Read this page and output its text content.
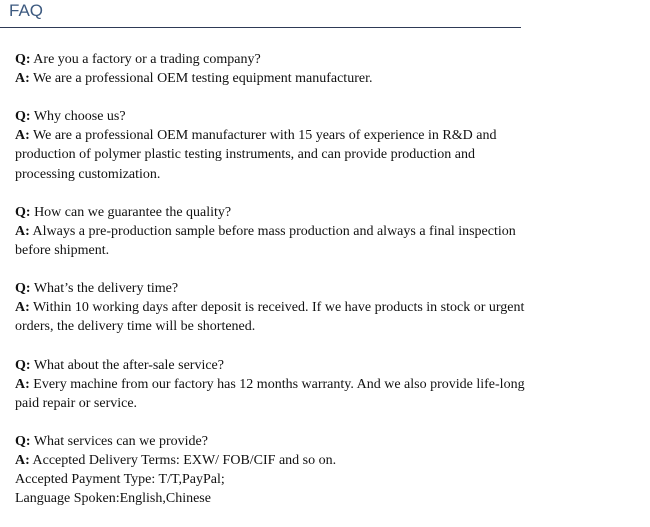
FAQ

Q: Are you a factory or a trading company?

A: We are a professional OEM testing equipment manufacturer.

Q: Why choose us?

A: We are a professional OEM manufacturer with 15 years of experience in R&D and production of polymer plastic testing instruments, and can provide production and processing customization.

Q: How can we guarantee the quality?

A: Always a pre-production sample before mass production and always a final inspection before shipment.

Q: What’s the delivery time?

A: Within 10 working days after deposit is received. If we have products in stock or urgent orders, the delivery time will be shortened.

Q: What about the after-sale service?

A: Every machine from our factory has 12 months warranty. And we also provide life-long paid repair or service.

Q: What services can we provide?

A: Accepted Delivery Terms: EXW/ FOB/CIF and so on.

Accepted Payment Type: T/T,PayPal;

Language Spoken:English,Chinese
